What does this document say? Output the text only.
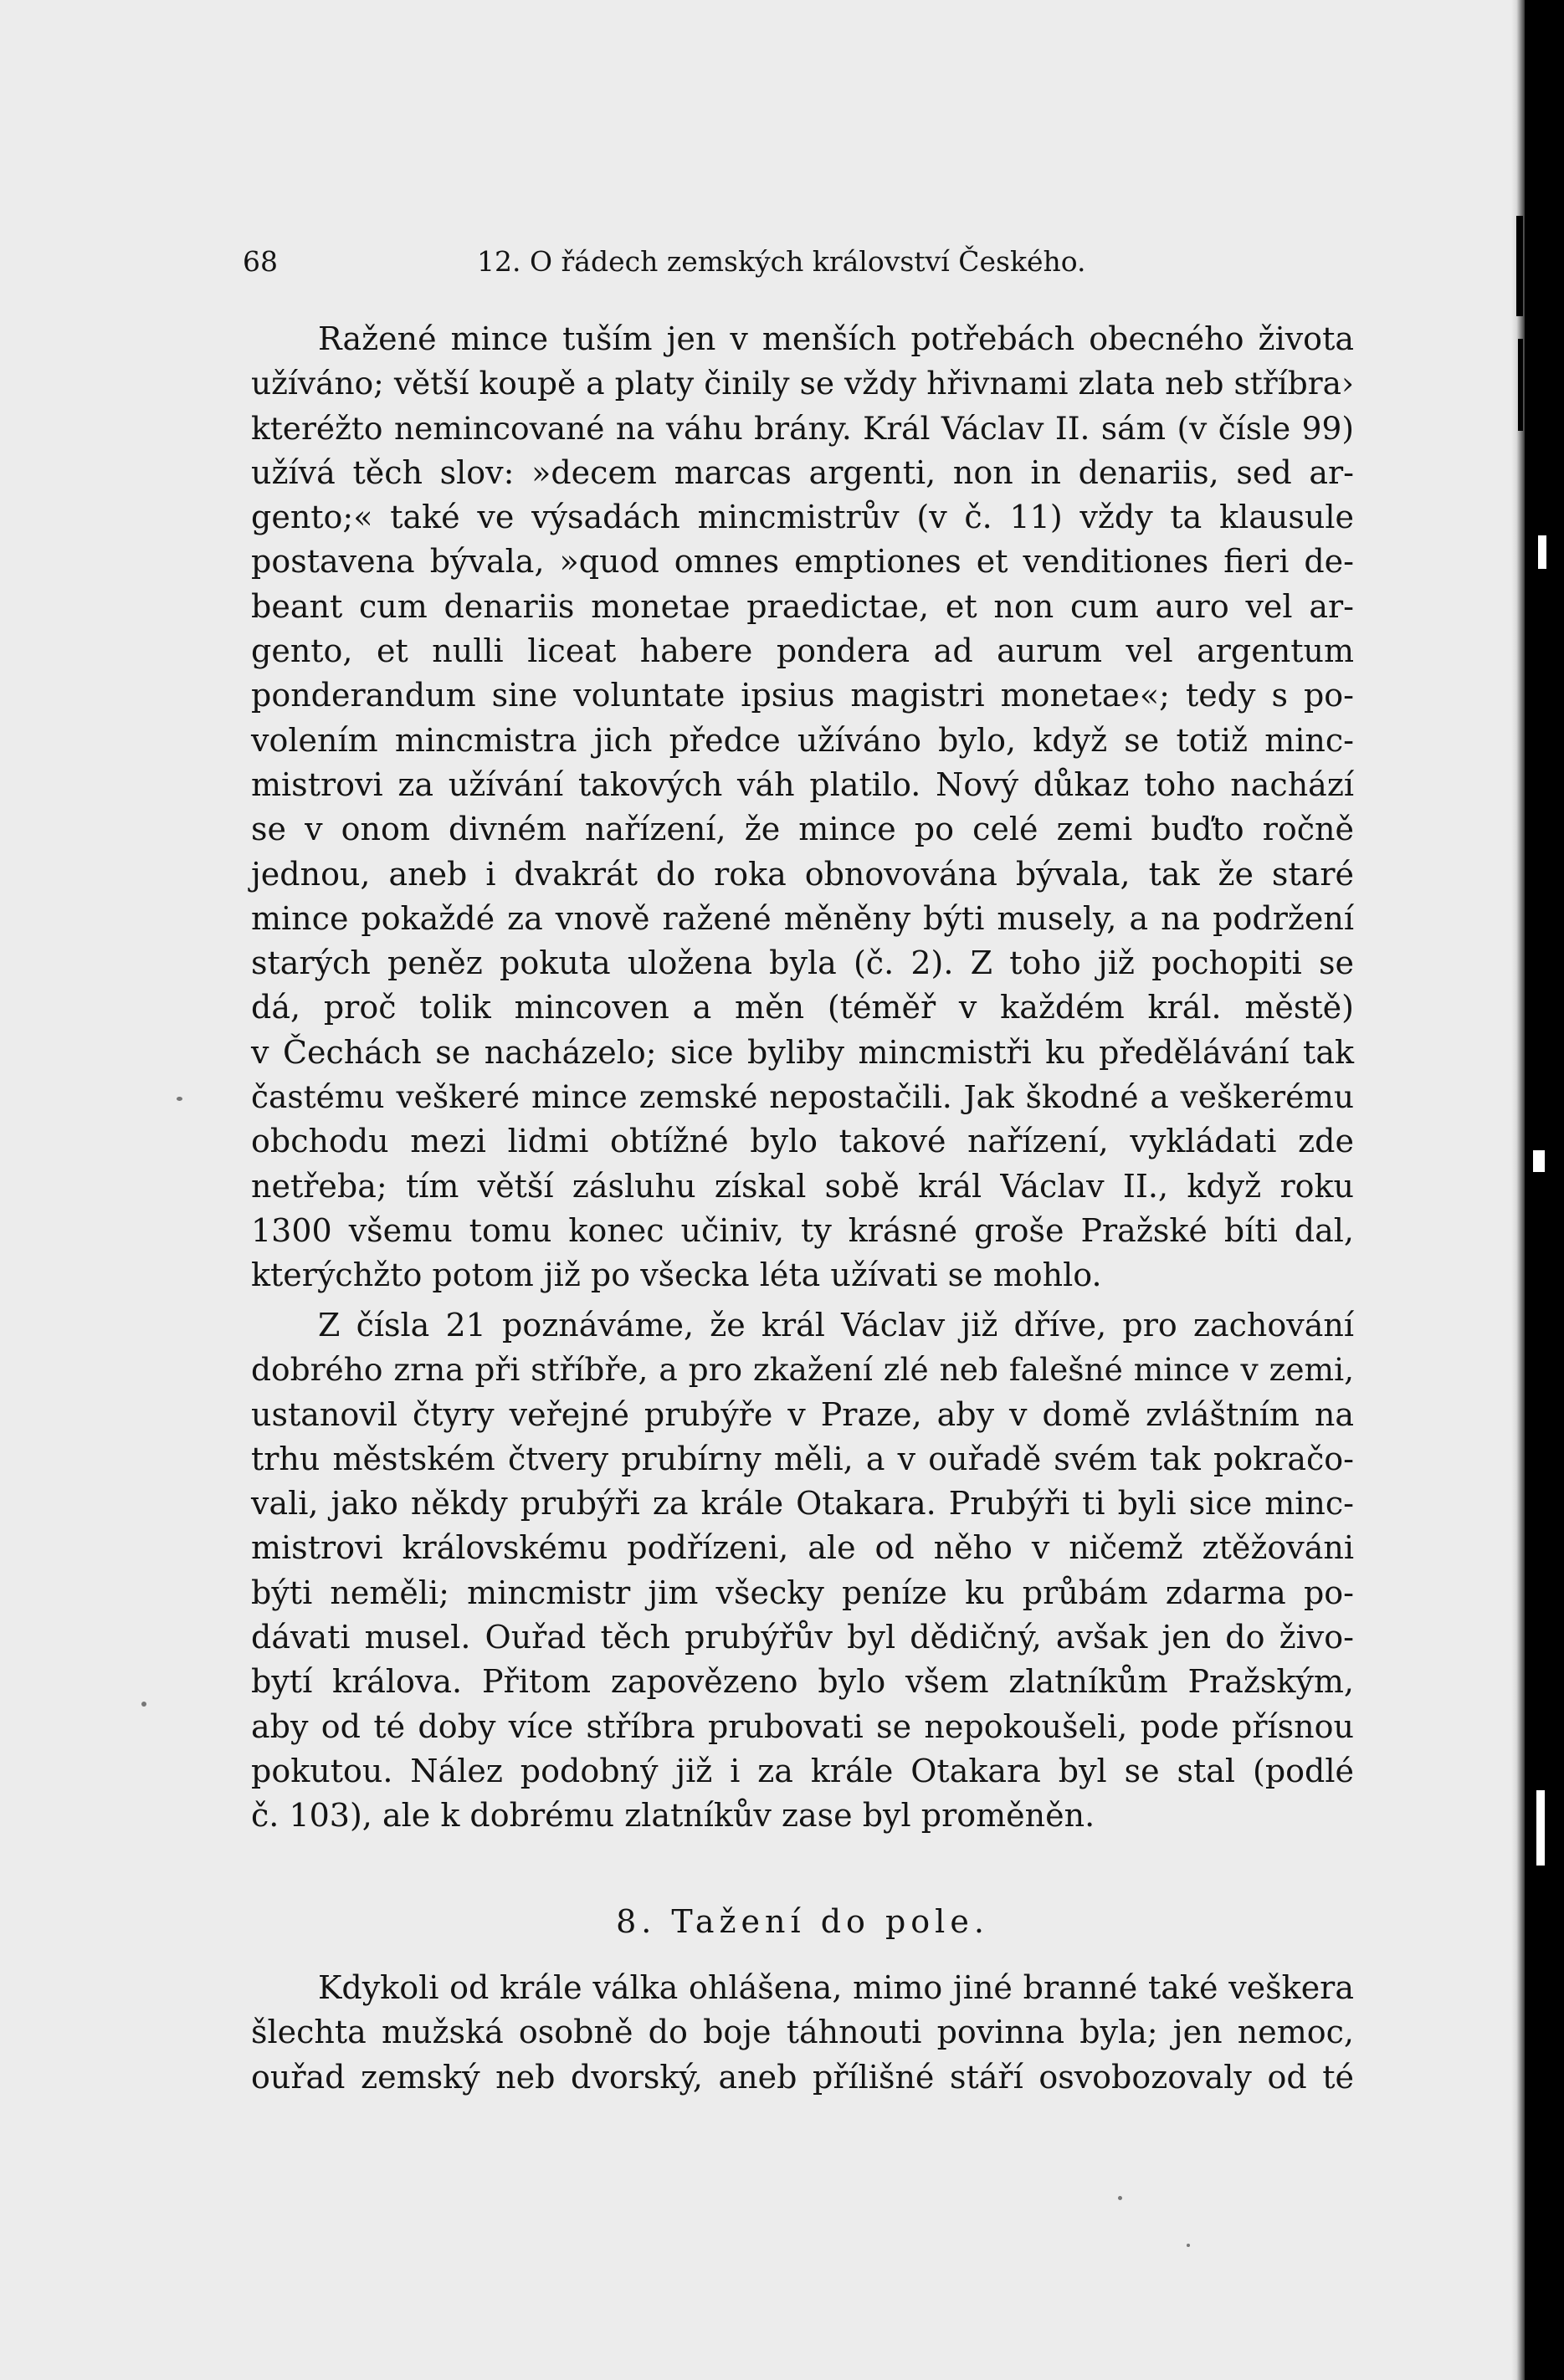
68	12. O řádech zemských království Českého.
Ražené mince tuším jen v menších potřebách obecného života
užíváno; větší koupě a platy činily se vždy hřivnami zlata neb stříbra›
kteréžto nemincované na váhu brány. Král Václav II. sám (v čísle 99)
užívá těch slov: »decem marcas argenti, non in denariis, sed ar-
gento;« také ve výsadách mincmistrův (v č. 11) vždy ta klausule
postavena bývala, »quod omnes emptiones et venditiones fieri de-
beant cum denariis monetae praedictae, et non cum auro vel ar-
gento, et nulli liceat habere pondera ad aurum vel argentum
ponderandum sine voluntate ipsius magistri monetae«; tedy s po-
volením mincmistra jich předce užíváno bylo, když se totiž minc-
mistrovi za užívání takových váh platilo. Nový důkaz toho nachází
se v onom divném nařízení, že mince po celé zemi buďto ročně
jednou, aneb i dvakrát do roka obnovována bývala, tak že staré
mince pokaždé za vnově ražené měněny býti musely, a na podržení
starých peněz pokuta uložena byla (č. 2). Z toho již pochopiti se
dá, proč tolik mincoven a měn (téměř v každém král. městě)
v Čechách se nacházelo; sice byliby mincmistři ku předělávání tak
častému veškeré mince zemské nepostačili. Jak škodné a veškerému
obchodu mezi lidmi obtížné bylo takové nařízení, vykládati zde
netřeba; tím větší zásluhu získal sobě král Václav II., když roku
1300 všemu tomu konec učiniv, ty krásné groše Pražské bíti dal,
kterýchžto potom již po všecka léta užívati se mohlo.
Z čísla 21 poznáváme, že král Václav již dříve, pro zachování
dobrého zrna při stříbře, a pro zkažení zlé neb falešné mince v zemi,
ustanovil čtyry veřejné prubýře v Praze, aby v domě zvláštním na
trhu městském čtvery prubírny měli, a v ouřadě svém tak pokračo-
vali, jako někdy prubýři za krále Otakara. Prubýři ti byli sice minc-
mistrovi královskému podřízeni, ale od něho v ničemž ztěžováni
býti neměli; mincmistr jim všecky peníze ku průbám zdarma po-
dávati musel. Ouřad těch prubýřův byl dědičný, avšak jen do živo-
bytí králova. Přitom zapovězeno bylo všem zlatníkům Pražským,
aby od té doby více stříbra prubovati se nepokoušeli, pode přísnou
pokutou. Nález podobný již i za krále Otakara byl se stal (podlé
č. 103), ale k dobrému zlatníkův zase byl proměněn.
8. Tažení do pole.
Kdykoli od krále válka ohlášena, mimo jiné branné také veškera
šlechta mužská osobně do boje táhnouti povinna byla; jen nemoc,
ouřad zemský neb dvorský, aneb přílišné stáří osvobozovaly od té
